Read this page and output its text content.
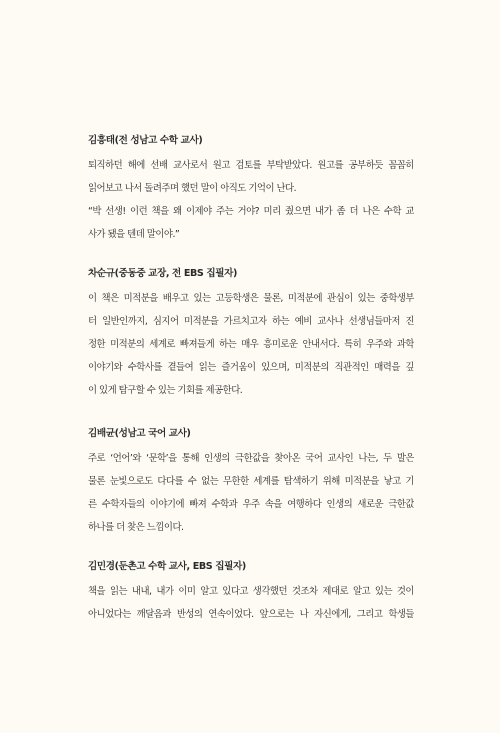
김흥태(전 성남고 수학 교사)
퇴직하던 해에 선배 교사로서 원고 검토를 부탁받았다. 원고를 공부하듯 꼼꼼히
읽어보고 나서 돌려주며 했던 말이 아직도 기억이 난다.
“박 선생! 이런 책을 왜 이제야 주는 거야? 미리 줬으면 내가 좀 더 나은 수학 교
사가 됐을 텐데 말이야.”
차순규(중동중 교장, 전 EBS 집필자)
이 책은 미적분을 배우고 있는 고등학생은 물론, 미적분에 관심이 있는 중학생부
터 일반인까지, 심지어 미적분을 가르치고자 하는 예비 교사나 선생님들마저 진
정한 미적분의 세계로 빠져들게 하는 매우 흥미로운 안내서다. 특히 우주와 과학
이야기와 수학사를 곁들여 읽는 즐거움이 있으며, 미적분의 직관적인 매력을 깊
이 있게 탐구할 수 있는 기회를 제공한다.
김배균(성남고 국어 교사)
주로 ‘언어’와 ‘문학’을 통해 인생의 극한값을 찾아온 국어 교사인 나는, 두 발은
물론 눈빛으로도 다다를 수 없는 무한한 세계를 탐색하기 위해 미적분을 낳고 기
른 수학자들의 이야기에 빠져 수학과 우주 속을 여행하다 인생의 새로운 극한값
하나를 더 찾은 느낌이다.
김민경(둔촌고 수학 교사, EBS 집필자)
책을 읽는 내내, 내가 이미 알고 있다고 생각했던 것조차 제대로 알고 있는 것이
아니었다는 깨달음과 반성의 연속이었다. 앞으로는 나 자신에게, 그리고 학생들
